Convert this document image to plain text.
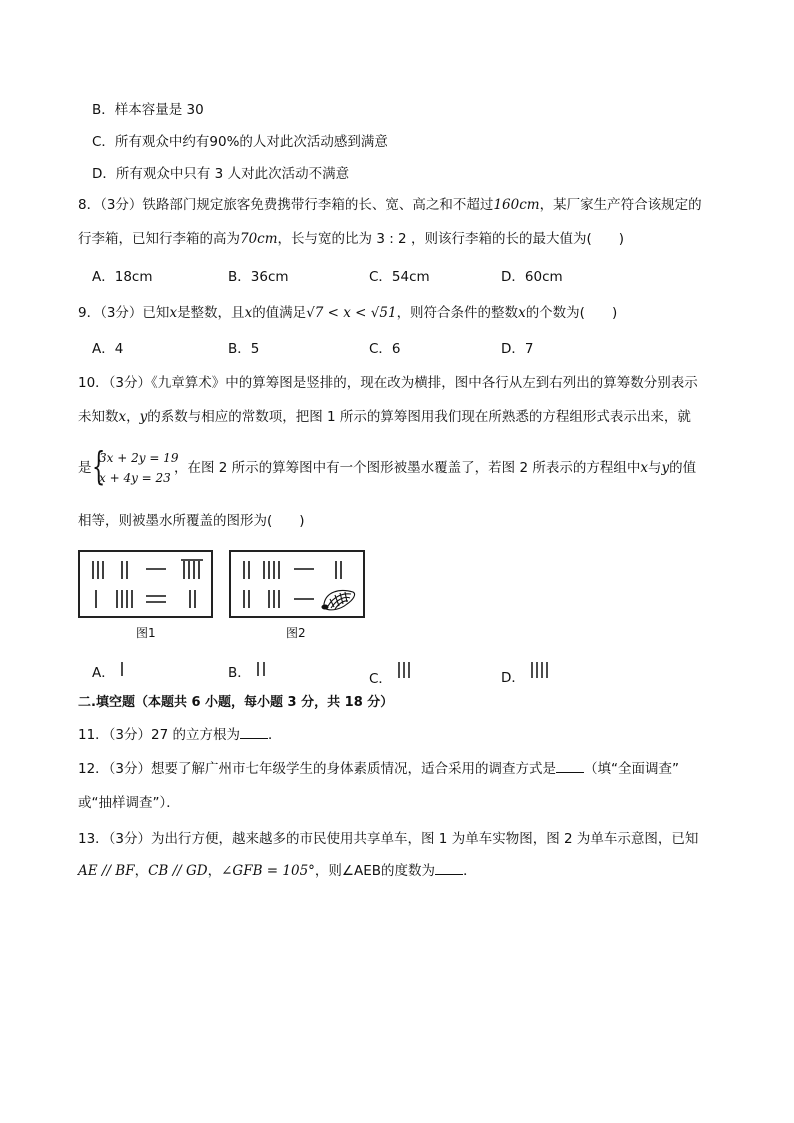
B．样本容量是 30
C．所有观众中约有90%的人对此次活动感到满意
D．所有观众中只有 3 人对此次活动不满意
8．（3分）铁路部门规定旅客免费携带行李箱的长、宽、高之和不超过160cm，某厂家生产符合该规定的
行李箱，已知行李箱的高为70cm，长与宽的比为 3 : 2 ，则该行李箱的长的最大值为(　　)
A．18cm	B．36cm	C．54cm	D．60cm
9．（3分）已知x是整数，且x的值满足√7 < x < √51，则符合条件的整数x的个数为(　　)
A．4	B．5	C．6	D．7
10．（3分）《九章算术》中的算筹图是竖排的，现在改为横排，图中各行从左到右列出的算筹数分别表示
未知数x，y的系数与相应的常数项，把图 1 所示的算筹图用我们现在所熟悉的方程组形式表示出来，就
是 {
3x + 2y = 19
x + 4y = 23
，在图 2 所示的算筹图中有一个图形被墨水覆盖了，若图 2 所表示的方程组中x与y的值
相等，则被墨水所覆盖的图形为(　　)
图1	图2
A．	B．	C．	D．
二.填空题（本题共 6 小题，每小题 3 分，共 18 分）
11．（3分）27 的立方根为 ．
12．（3分）想要了解广州市七年级学生的身体素质情况，适合采用的调查方式是 （填“全面调查”
或“抽样调查”）．
13．（3分）为出行方便，越来越多的市民使用共享单车，图 1 为单车实物图，图 2 为单车示意图，已知
AE // BF，CB // GD，∠GFB = 105°，则∠AEB的度数为 ．
